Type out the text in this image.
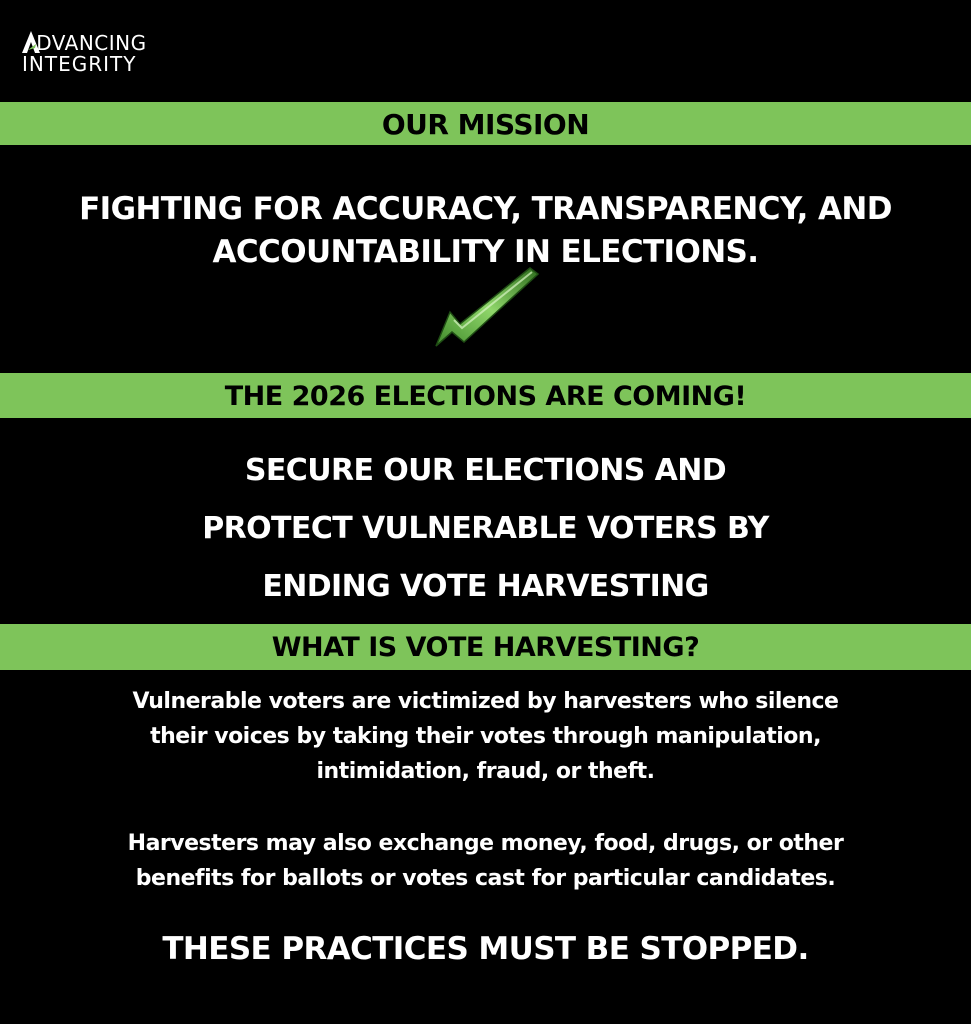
DVANCING
INTEGRITY
OUR MISSION
FIGHTING FOR ACCURACY, TRANSPARENCY, AND
ACCOUNTABILITY IN ELECTIONS.
THE 2026 ELECTIONS ARE COMING!
SECURE OUR ELECTIONS AND
PROTECT VULNERABLE VOTERS BY
ENDING VOTE HARVESTING
WHAT IS VOTE HARVESTING?
Vulnerable voters are victimized by harvesters who silence
their voices by taking their votes through manipulation,
intimidation, fraud, or theft.
Harvesters may also exchange money, food, drugs, or other
benefits for ballots or votes cast for particular candidates.
THESE PRACTICES MUST BE STOPPED.
